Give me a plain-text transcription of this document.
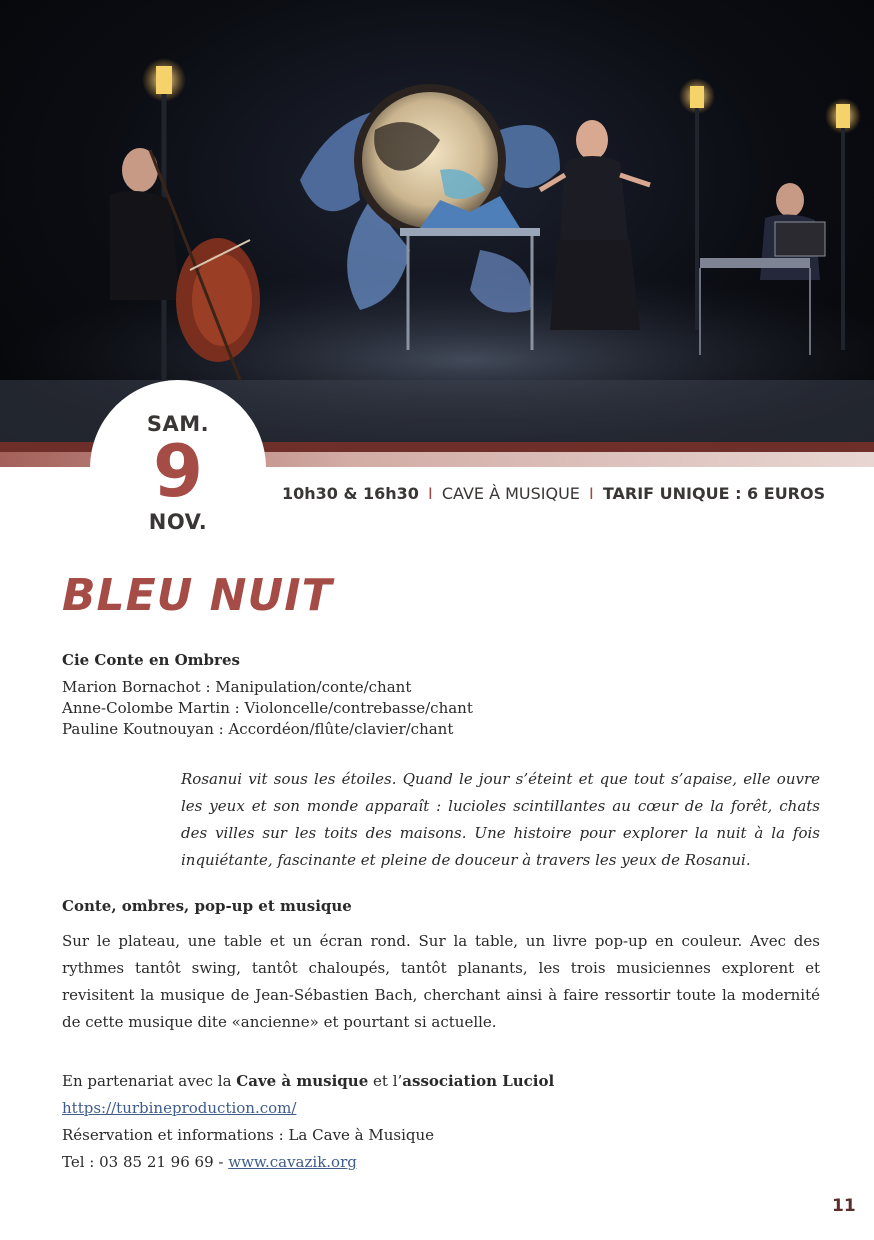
SAM.
9
NOV.
10h30 & 16h30 I CAVE À MUSIQUE I TARIF UNIQUE : 6 EUROS
BLEU NUIT

Cie Conte en Ombres

Marion Bornachot : Manipulation/conte/chant
Anne-Colombe Martin : Violoncelle/contrebasse/chant
Pauline Koutnouyan : Accordéon/flûte/clavier/chant

Rosanui vit sous les étoiles. Quand le jour s’éteint et que tout s’apaise, elle ouvre les yeux et son monde apparaît : lucioles scintillantes au cœur de la forêt, chats des villes sur les toits des maisons. Une histoire pour explorer la nuit à la fois inquiétante, fascinante et pleine de douceur à travers les yeux de Rosanui.

Conte, ombres, pop-up et musique

Sur le plateau, une table et un écran rond. Sur la table, un livre pop-up en couleur. Avec des rythmes tantôt swing, tantôt chaloupés, tantôt planants, les trois musiciennes explorent et revisitent la musique de Jean-Sébastien Bach, cherchant ainsi à faire ressortir toute la modernité de cette musique dite «ancienne» et pourtant si actuelle.

En partenariat avec la Cave à musique et l’association Luciol
https://turbineproduction.com/
Réservation et informations : La Cave à Musique
Tel : 03 85 21 96 69 - www.cavazik.org
11
